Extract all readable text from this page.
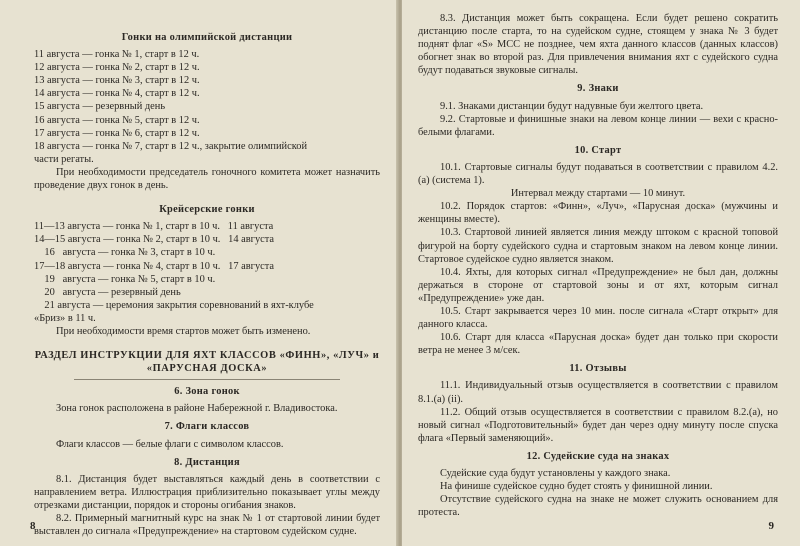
Гонки на олимпийской дистанции
11 августа — гонка № 1, старт в 12 ч.
12 августа — гонка № 2, старт в 12 ч.
13 августа — гонка № 3, старт в 12 ч.
14 августа — гонка № 4, старт в 12 ч.
15 августа — резервный день
16 августа — гонка № 5, старт в 12 ч.
17 августа — гонка № 6, старт в 12 ч.
18 августа — гонка № 7, старт в 12 ч., закрытие олимпийской
части регаты.

При необходимости председатель гоночного комитета может назначить проведение двух гонок в день.

Крейсерские гонки
11—13 августа — гонка № 1, старт в 10 ч.   11 августа
14—15 августа — гонка № 2, старт в 10 ч.   14 августа
16   августа — гонка № 3, старт в 10 ч.
17—18 августа — гонка № 4, старт в 10 ч.   17 августа
19   августа — гонка № 5, старт в 10 ч.
20   августа — резервный день
21 августа — церемония закрытия соревнований в яхт-клубе
«Бриз» в 11 ч.

При необходимости время стартов может быть изменено.

РАЗДЕЛ ИНСТРУКЦИИ ДЛЯ ЯХТ КЛАССОВ «ФИНН», «ЛУЧ» и «ПАРУСНАЯ ДОСКА»
6. Зона гонок

Зона гонок расположена в районе Набережной г. Владивостока.

7. Флаги классов

Флаги классов — белые флаги с символом классов.

8. Дистанция

8.1. Дистанция будет выставляться каждый день в соответствии с направлением ветра. Иллюстрация приблизительно показывает углы между отрезками дистанции, порядок и стороны огибания знаков.

8.2. Примерный магнитный курс на знак № 1 от стартовой линии будет выставлен до сигнала «Предупреждение» на стартовом судейском судне.

8

8.3. Дистанция может быть сокращена. Если будет решено сократить дистанцию после старта, то на судейском судне, стоящем у знака № 3 будет поднят флаг «S» МСС не позднее, чем яхта данного классов (данных классов) обогнет знак во второй раз. Для привлечения внимания яхт с судейского судна будут подаваться звуковые сигналы.

9. Знаки

9.1. Знаками дистанции будут надувные буи желтого цвета.

9.2. Стартовые и финишные знаки на левом конце линии — вехи с красно-белыми флагами.

10. Старт

10.1. Стартовые сигналы будут подаваться в соответствии с правилом 4.2.(а) (система 1).

Интервал между стартами — 10 минут.

10.2. Порядок стартов: «Финн», «Луч», «Парусная доска» (мужчины и женщины вместе).

10.3. Стартовой линией является линия между штоком с красной топовой фигурой на борту судейского судна и стартовым знаком на левом конце линии. Стартовое судейское судно является знаком.

10.4. Яхты, для которых сигнал «Предупреждение» не был дан, должны держаться в стороне от стартовой зоны и от яхт, которым сигнал «Предупреждение» уже дан.

10.5. Старт закрывается через 10 мин. после сигнала «Старт открыт» для данного класса.

10.6. Старт для класса «Парусная доска» будет дан только при скорости ветра не менее 3 м/сек.

11. Отзывы

11.1. Индивидуальный отзыв осуществляется в соответствии с правилом 8.1.(а) (ii).

11.2. Общий отзыв осуществляется в соответствии с правилом 8.2.(а), но новый сигнал «Подготовительный» будет дан через одну минуту после спуска флага «Первый заменяющий».

12. Судейские суда на знаках

Судейские суда будут установлены у каждого знака.

На финише судейское судно будет стоять у финишной линии.

Отсутствие судейского судна на знаке не может служить основанием для протеста.

9
